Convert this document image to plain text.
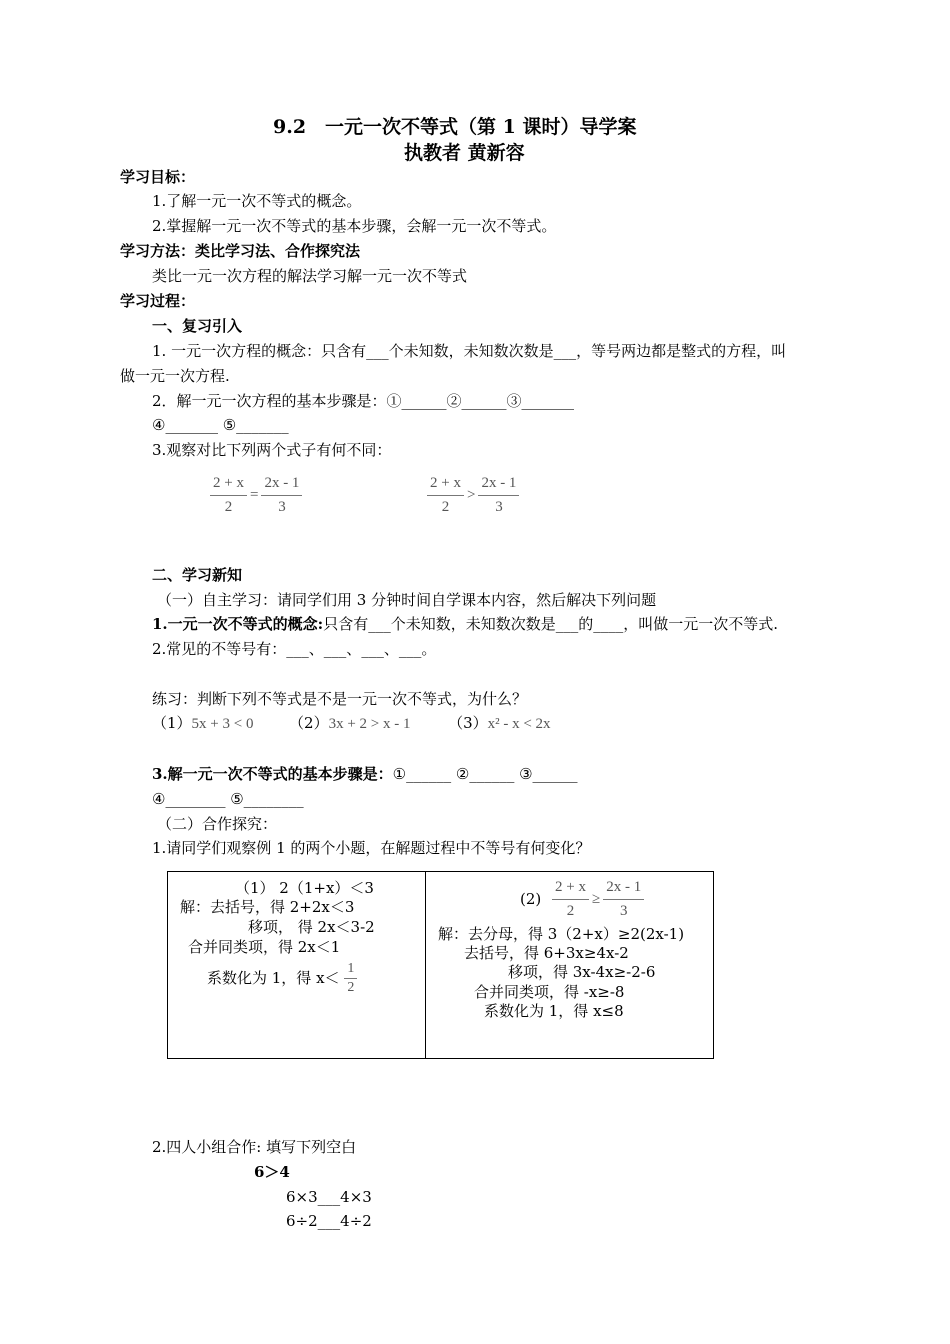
9.2　一元一次不等式（第 1 课时）导学案
执教者 黄新容
学习目标：
1.了解一元一次不等式的概念。
2.掌握解一元一次不等式的基本步骤，会解一元一次不等式。
学习方法：类比学习法、合作探究法
类比一元一次方程的解法学习解一元一次不等式
学习过程：
一、复习引入
1. 一元一次方程的概念：只含有___个未知数，未知数次数是___，等号两边都是整式的方程，叫
做一元一次方程.
2．解一元一次方程的基本步骤是：①______②______③_______
④_______ ⑤_______
3.观察对比下列两个式子有何不同：
$\frac{2 + x}{2} = \frac{2x - 1}{3}$	$\frac{2 + x}{2} > \frac{2x - 1}{3}$
二、学习新知
（一）自主学习：请同学们用 3 分钟时间自学课本内容，然后解决下列问题
1.一元一次不等式的概念:只含有___个未知数，未知数次数是___的____，叫做一元一次不等式.
2.常见的不等号有：___、___、___、___。
练习：判断下列不等式是不是一元一次不等式，为什么？
（1）5x + 3 < 0 （2）3x + 2 > x - 1	（3）x² - x < 2x
3.解一元一次不等式的基本步骤是：①______ ②______ ③______
④________ ⑤________
（二）合作探究：
1.请同学们观察例 1 的两个小题，在解题过程中不等号有何变化？
（1） 2（1+x）＜3
解：去括号，得 2+2x＜3
移项， 得 2x＜3-2
合并同类项，得 2x＜1
系数化为 1，得 $x< \frac{1}{2}$
$(2) \frac{2 + x}{2} \ge \frac{2x - 1}{3}$
解：去分母，得 3（2+x）≥2(2x-1)
去括号，得 6+3x≥4x-2
移项，得 3x-4x≥-2-6
合并同类项，得 -x≥-8
系数化为 1，得 x≤8
2.四人小组合作: 填写下列空白
6＞4
6×3___4×3
6÷2___4÷2
